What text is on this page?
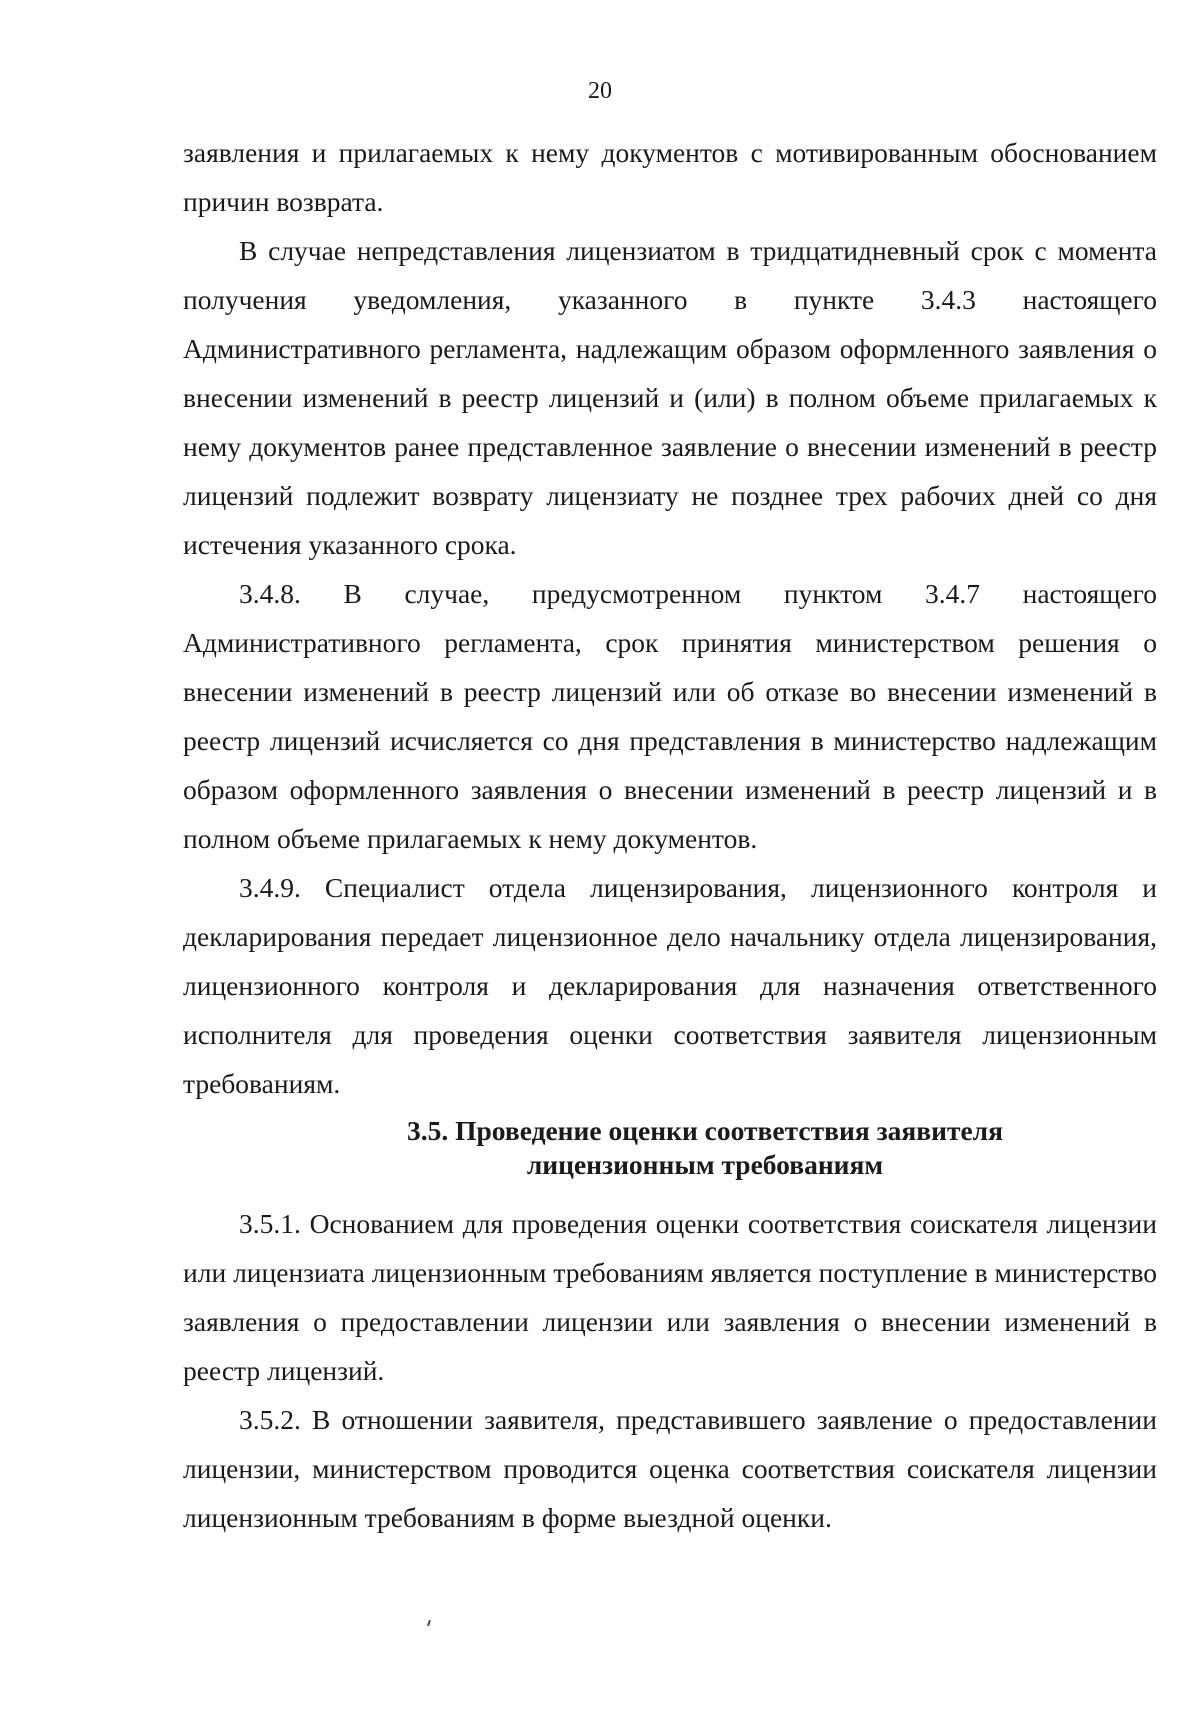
20

заявления и прилагаемых к нему документов с мотивированным обоснованием причин возврата.

В случае непредставления лицензиатом в тридцатидневный срок с момента получения уведомления, указанного в пункте 3.4.3 настоящего Административного регламента, надлежащим образом оформленного заявления о внесении изменений в реестр лицензий и (или) в полном объеме прилагаемых к нему документов ранее представленное заявление о внесении изменений в реестр лицензий подлежит возврату лицензиату не позднее трех рабочих дней со дня истечения указанного срока.

3.4.8. В случае, предусмотренном пунктом 3.4.7 настоящего Административного регламента, срок принятия министерством решения о внесении изменений в реестр лицензий или об отказе во внесении изменений в реестр лицензий исчисляется со дня представления в министерство надлежащим образом оформленного заявления о внесении изменений в реестр лицензий и в полном объеме прилагаемых к нему документов.

3.4.9. Специалист отдела лицензирования, лицензионного контроля и декларирования передает лицензионное дело начальнику отдела лицензирования, лицензионного контроля и декларирования для назначения ответственного исполнителя для проведения оценки соответствия заявителя лицензионным требованиям.

3.5. Проведение оценки соответствия заявителя
лицензионным требованиям

3.5.1. Основанием для проведения оценки соответствия соискателя лицензии или лицензиата лицензионным требованиям является поступление в министерство заявления о предоставлении лицензии или заявления о внесении изменений в реестр лицензий.

3.5.2. В отношении заявителя, представившего заявление о предоставлении лицензии, министерством проводится оценка соответствия соискателя лицензии лицензионным требованиям в форме выездной оценки.
